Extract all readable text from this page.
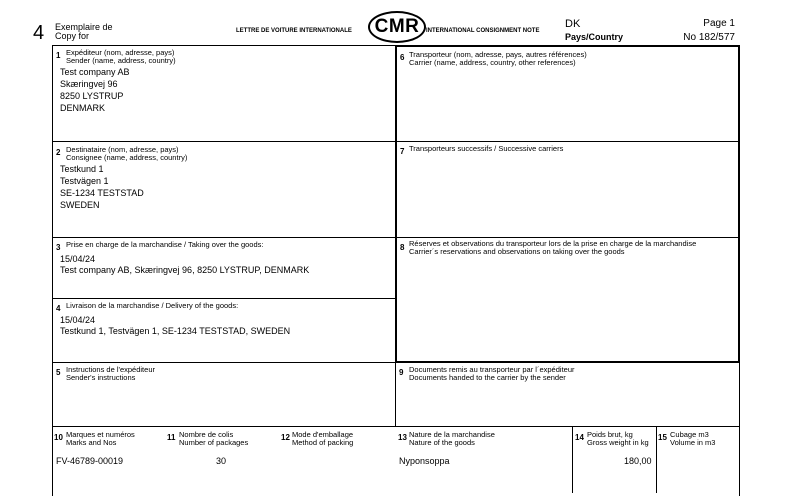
4 Exemplaire de
Copy for	LETTRE DE VOITURE INTERNATIONALE	CMR	INTERNATIONAL CONSIGNMENT NOTE
DK
Pays/Country
Page 1
No 182/577
1 Expéditeur (nom, adresse, pays)
Sender (name, address, country)
Test company AB
Skæringvej 96
8250 LYSTRUP
DENMARK
2 Destinataire (nom, adresse, pays)
Consignee (name, address, country)
Testkund 1
Testvägen 1
SE-1234 TESTSTAD
SWEDEN
3 Prise en charge de la marchandise / Taking over the goods:
15/04/24
Test company AB, Skæringvej 96, 8250 LYSTRUP, DENMARK
4 Livraison de la marchandise / Delivery of the goods:
15/04/24
Testkund 1, Testvägen 1, SE-1234 TESTSTAD, SWEDEN
6 Transporteur (nom, adresse, pays, autres références)
Carrier (name, address, country, other references)
7 Transporteurs successifs / Successive carriers
8 Réserves et observations du transporteur lors de la prise en charge de la marchandise
Carrier´s reservations and observations on taking over the goods
5 Instructions de l'expéditeur
Sender's instructions
9 Documents remis au transporteur par l´expéditeur
Documents handed to the carrier by the sender
10 Marques et numéros
Marks and Nos
FV-46789-00019
11 Nombre de colis
Number of packages
30
12 Mode d'emballage
Method of packing
13 Nature de la marchandise
Nature of the goods
Nyponsoppa
14 Poids brut, kg
Gross weight in kg
180,00
15 Cubage m3
Volume in m3
